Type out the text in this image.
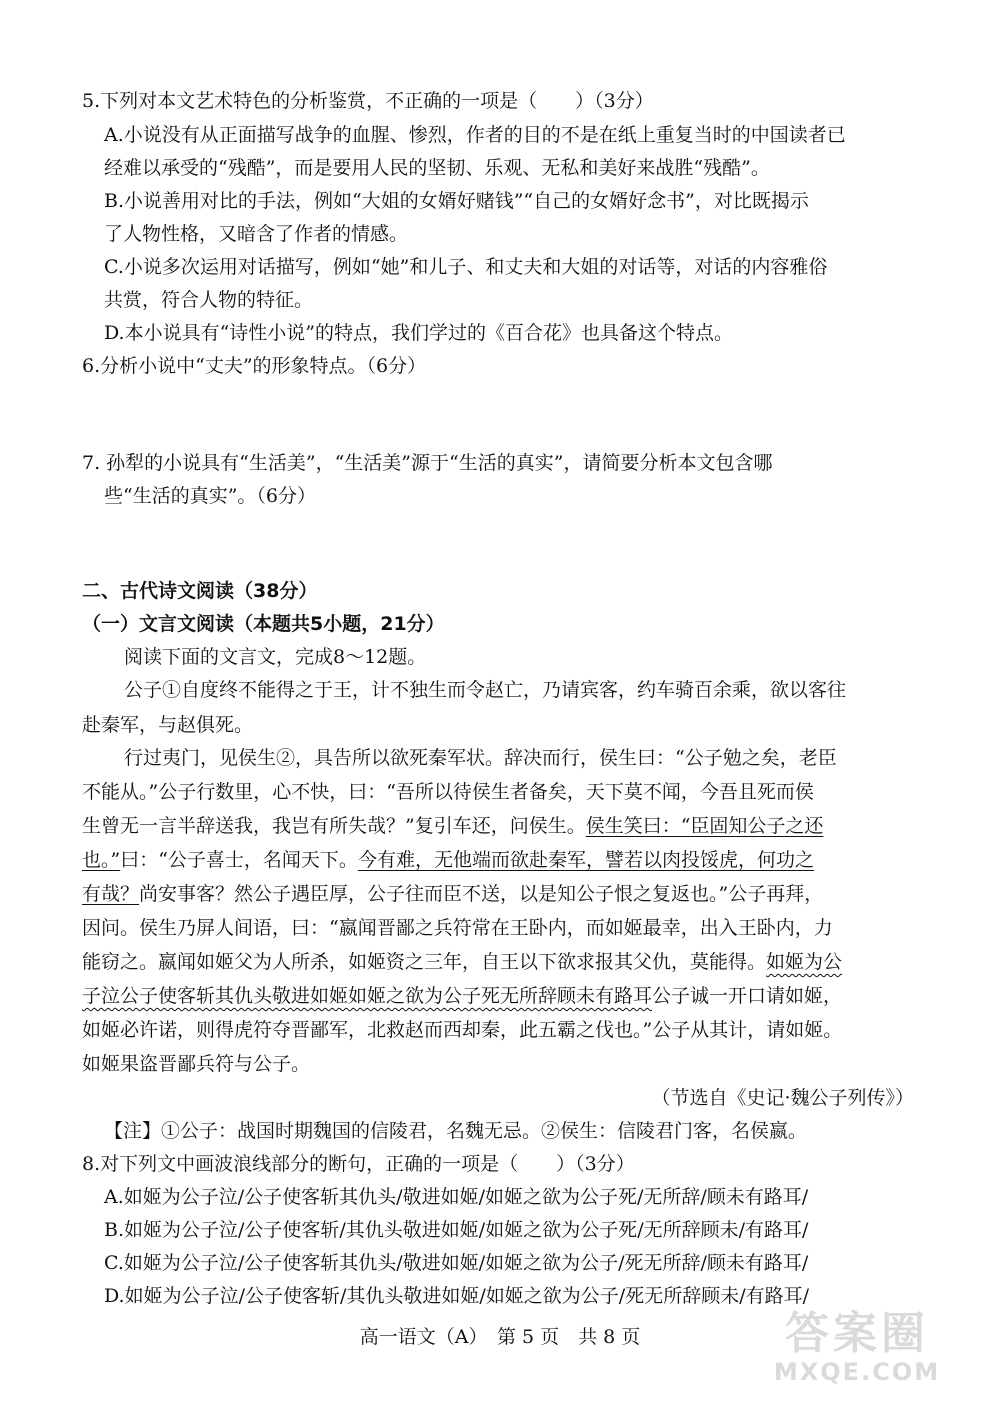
5.下列对本文艺术特色的分析鉴赏，不正确的一项是（　　）（3分）
A.小说没有从正面描写战争的血腥、惨烈，作者的目的不是在纸上重复当时的中国读者已
经难以承受的“残酷”，而是要用人民的坚韧、乐观、无私和美好来战胜“残酷”。
B.小说善用对比的手法，例如“大姐的女婿好赌钱”“自己的女婿好念书”，对比既揭示
了人物性格，又暗含了作者的情感。
C.小说多次运用对话描写，例如“她”和儿子、和丈夫和大姐的对话等，对话的内容雅俗
共赏，符合人物的特征。
D.本小说具有“诗性小说”的特点，我们学过的《百合花》也具备这个特点。
6.分析小说中“丈夫”的形象特点。（6分）
7. 孙犁的小说具有“生活美”，“生活美”源于“生活的真实”，请简要分析本文包含哪
些“生活的真实”。（6分）
二、古代诗文阅读（38分）
（一）文言文阅读（本题共5小题，21分）
阅读下面的文言文，完成8～12题。
公子①自度终不能得之于王，计不独生而令赵亡，乃请宾客，约车骑百余乘，欲以客往
赴秦军，与赵俱死。
行过夷门，见侯生②，具告所以欲死秦军状。辞决而行，侯生曰：“公子勉之矣，老臣
不能从。”公子行数里，心不快，曰：“吾所以待侯生者备矣，天下莫不闻，今吾且死而侯
生曾无一言半辞送我，我岂有所失哉？”复引车还，问侯生。侯生笑曰：“臣固知公子之还
也。”曰：“公子喜士，名闻天下。今有难，无他端而欲赴秦军，譬若以肉投馁虎，何功之
有哉？尚安事客？然公子遇臣厚，公子往而臣不送，以是知公子恨之复返也。”公子再拜，
因问。侯生乃屏人间语，曰：“嬴闻晋鄙之兵符常在王卧内，而如姬最幸，出入王卧内，力
能窃之。嬴闻如姬父为人所杀，如姬资之三年，自王以下欲求报其父仇，莫能得。如姬为公
子泣公子使客斩其仇头敬进如姬如姬之欲为公子死无所辞顾未有路耳公子诚一开口请如姬，
如姬必许诺，则得虎符夺晋鄙军，北救赵而西却秦，此五霸之伐也。”公子从其计，请如姬。
如姬果盗晋鄙兵符与公子。
（节选自《史记·魏公子列传》）
【注】①公子：战国时期魏国的信陵君，名魏无忌。②侯生：信陵君门客，名侯嬴。
8.对下列文中画波浪线部分的断句，正确的一项是（　　）（3分）
A.如姬为公子泣/公子使客斩其仇头/敬进如姬/如姬之欲为公子死/无所辞/顾未有路耳/
B.如姬为公子泣/公子使客斩/其仇头敬进如姬/如姬之欲为公子死/无所辞顾未/有路耳/
C.如姬为公子泣/公子使客斩其仇头/敬进如姬/如姬之欲为公子/死无所辞/顾未有路耳/
D.如姬为公子泣/公子使客斩/其仇头敬进如姬/如姬之欲为公子/死无所辞顾未/有路耳/
高一语文（A）　第 5 页　共 8 页	答案圈
MXQE.COM
